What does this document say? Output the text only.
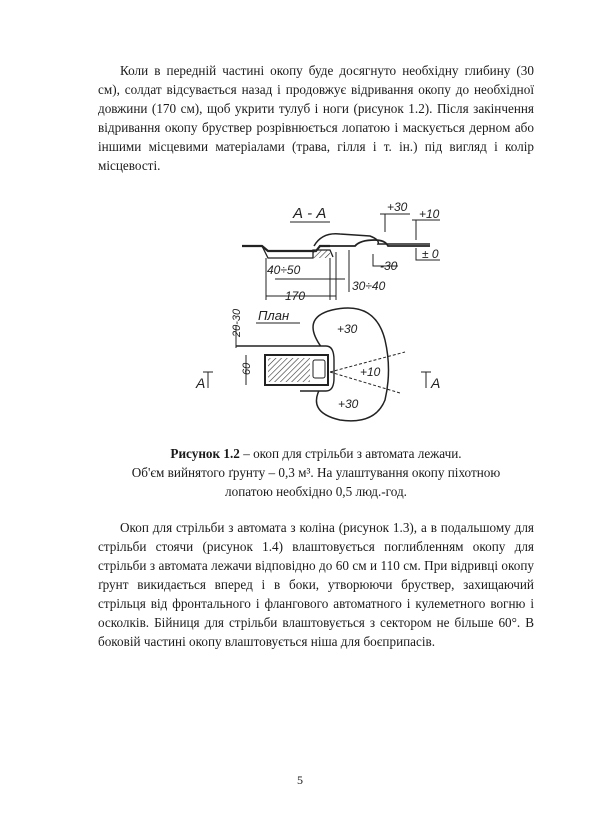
Коли в передній частині окопу буде досягнуто необхідну глибину (30 см), солдат відсувається назад і продовжує відривання окопу до необхідної довжини (170 см), щоб укрити тулуб і ноги (рисунок 1.2). Після закінчення відривання окопу бруствер розрівнюється лопатою і маскується дерном або іншими місцевими матеріалами (трава, гілля і т. ін.) під вигляд і колір місцевості.

А - А
40÷50
170
30÷40
+30 +10
± 0
-30
План
20-30
60
+30
+10
+30
А	А
Рисунок 1.2 – окоп для стрільби з автомата лежачи.
Об'єм вийнятого ґрунту – 0,3 м³. На улаштування окопу піхотною
лопатою необхідно 0,5 люд.-год.

Окоп для стрільби з автомата з коліна (рисунок 1.3), а в подальшому для стрільби стоячи (рисунок 1.4) влаштовується поглибленням окопу для стрільби з автомата лежачи відповідно до 60 см и 110 см. При відривці окопу ґрунт викидається вперед і в боки, утворюючи бруствер, захищаючий стрільця від фронтального і флангового автоматного і кулеметного вогню і осколків. Бійниця для стрільби влаштовується з сектором не більше 60°. В боковій частині окопу влаштовується ніша для боєприпасів.

5
